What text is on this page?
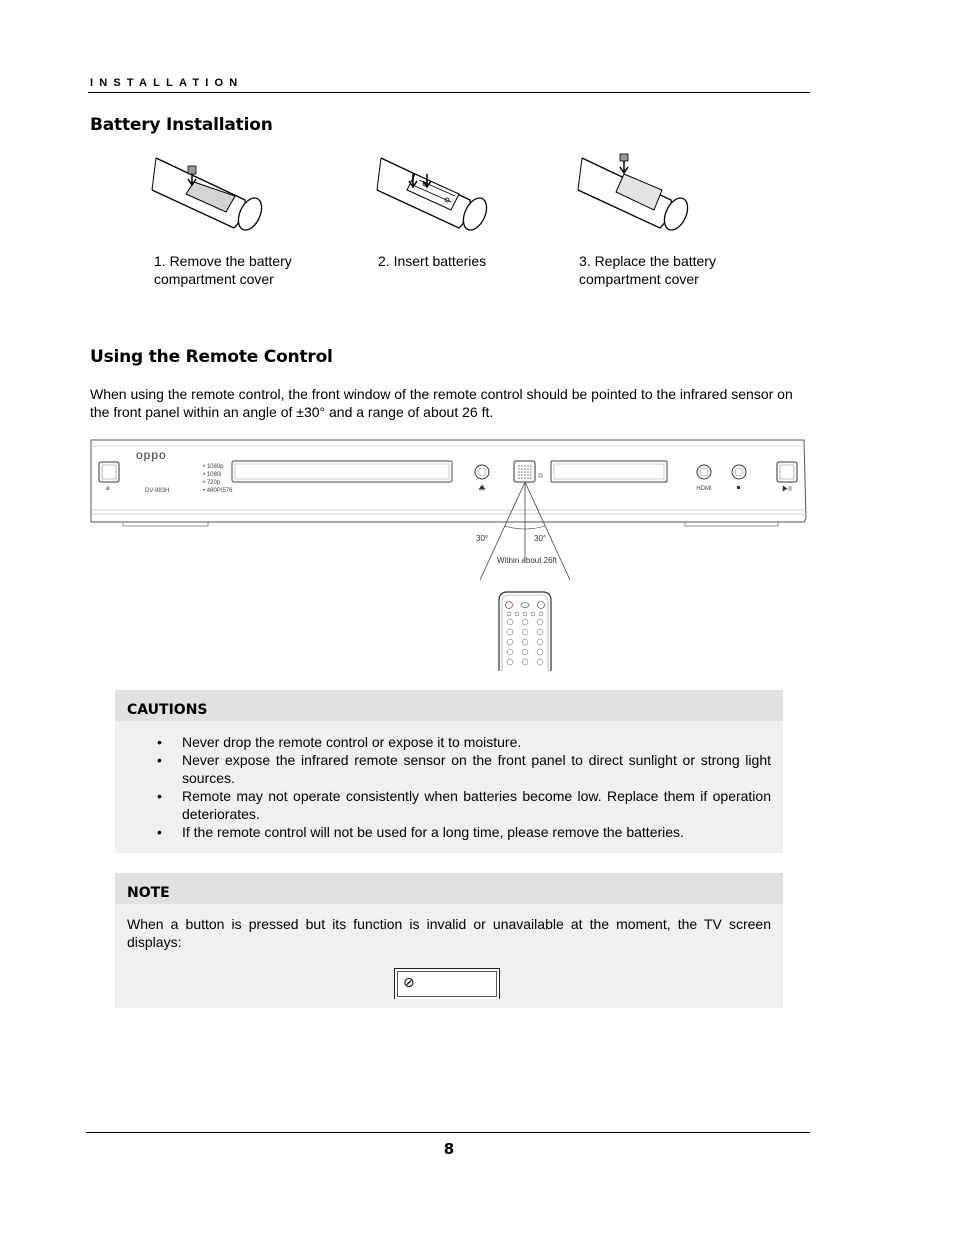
INSTALLATION
Battery Installation
1. Remove the battery
compartment cover
2. Insert batteries	3. Replace the battery
compartment cover
Using the Remote Control
When using the remote control, the front window of the remote control should be pointed to the infrared sensor on the front panel within an angle of ±30° and a range of about 26 ft.
ø
oppo
DV-983H
• 1080p
• 1080i
• 720p
• 480P/576	HDMI
30°	30°
Within about 26ft
CAUTIONS
• Never drop the remote control or expose it to moisture.
• Never expose the infrared remote sensor on the front panel to direct sunlight or strong light sources.
• Remote may not operate consistently when batteries become low. Replace them if operation deteriorates.
• If the remote control will not be used for a long time, please remove the batteries.
NOTE
When a button is pressed but its function is invalid or unavailable at the moment, the TV screen displays:
⊘
8
